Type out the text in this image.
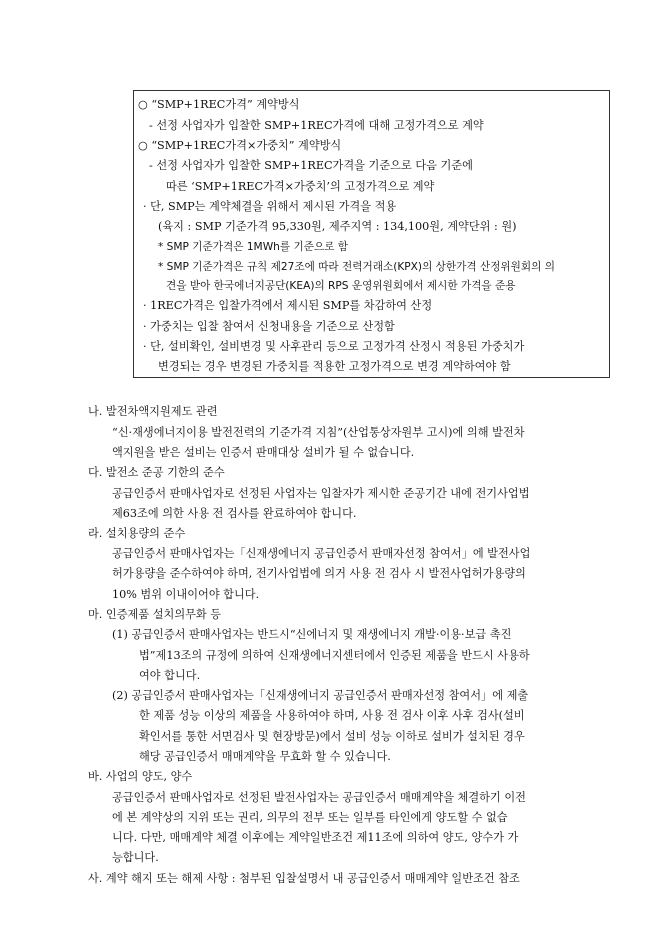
○ “SMP+1REC가격” 계약방식
- 선정 사업자가 입찰한 SMP+1REC가격에 대해 고정가격으로 계약
○ “SMP+1REC가격×가중치” 계약방식
- 선정 사업자가 입찰한 SMP+1REC가격을 기준으로 다음 기준에
따른 ‘SMP+1REC가격×가중치’의 고정가격으로 계약
· 단, SMP는 계약체결을 위해서 제시된 가격을 적용
(육지 : SMP 기준가격 95,330원, 제주지역 : 134,100원, 계약단위 : 원)
* SMP 기준가격은 1MWh를 기준으로 함
* SMP 기준가격은 규칙 제27조에 따라 전력거래소(KPX)의 상한가격 산정위원회의 의
견을 받아 한국에너지공단(KEA)의 RPS 운영위원회에서 제시한 가격을 준용
· 1REC가격은 입찰가격에서 제시된 SMP를 차감하여 산정
· 가중치는 입찰 참여서 신청내용을 기준으로 산정함
· 단, 설비확인, 설비변경 및 사후관리 등으로 고정가격 산정시 적용된 가중치가
변경되는 경우 변경된 가중치를 적용한 고정가격으로 변경 계약하여야 함
나. 발전차액지원제도 관련
“신·재생에너지이용 발전전력의 기준가격 지침”(산업통상자원부 고시)에 의해 발전차
액지원을 받은 설비는 인증서 판매대상 설비가 될 수 없습니다.
다. 발전소 준공 기한의 준수
공급인증서 판매사업자로 선정된 사업자는 입찰자가 제시한 준공기간 내에 전기사업법
제63조에 의한 사용 전 검사를 완료하여야 합니다.
라. 설치용량의 준수
공급인증서 판매사업자는「신재생에너지 공급인증서 판매자선정 참여서」에 발전사업
허가용량을 준수하여야 하며, 전기사업법에 의거 사용 전 검사 시 발전사업허가용량의
10% 범위 이내이어야 합니다.
마. 인증제품 설치의무화 등
(1) 공급인증서 판매사업자는 반드시“신에너지 및 재생에너지 개발·이용·보급 촉진
법”제13조의 규정에 의하여 신재생에너지센터에서 인증된 제품을 반드시 사용하
여야 합니다.
(2) 공급인증서 판매사업자는「신재생에너지 공급인증서 판매자선정 참여서」에 제출
한 제품 성능 이상의 제품을 사용하여야 하며, 사용 전 검사 이후 사후 검사(설비
확인서를 통한 서면검사 및 현장방문)에서 설비 성능 이하로 설비가 설치된 경우
해당 공급인증서 매매계약을 무효화 할 수 있습니다.
바. 사업의 양도, 양수
공급인증서 판매사업자로 선정된 발전사업자는 공급인증서 매매계약을 체결하기 이전
에 본 계약상의 지위 또는 권리, 의무의 전부 또는 일부를 타인에게 양도할 수 없습
니다. 다만, 매매계약 체결 이후에는 계약일반조건 제11조에 의하여 양도, 양수가 가
능합니다.
사. 계약 해지 또는 해제 사항 : 첨부된 입찰설명서 내 공급인증서 매매계약 일반조건 참조
